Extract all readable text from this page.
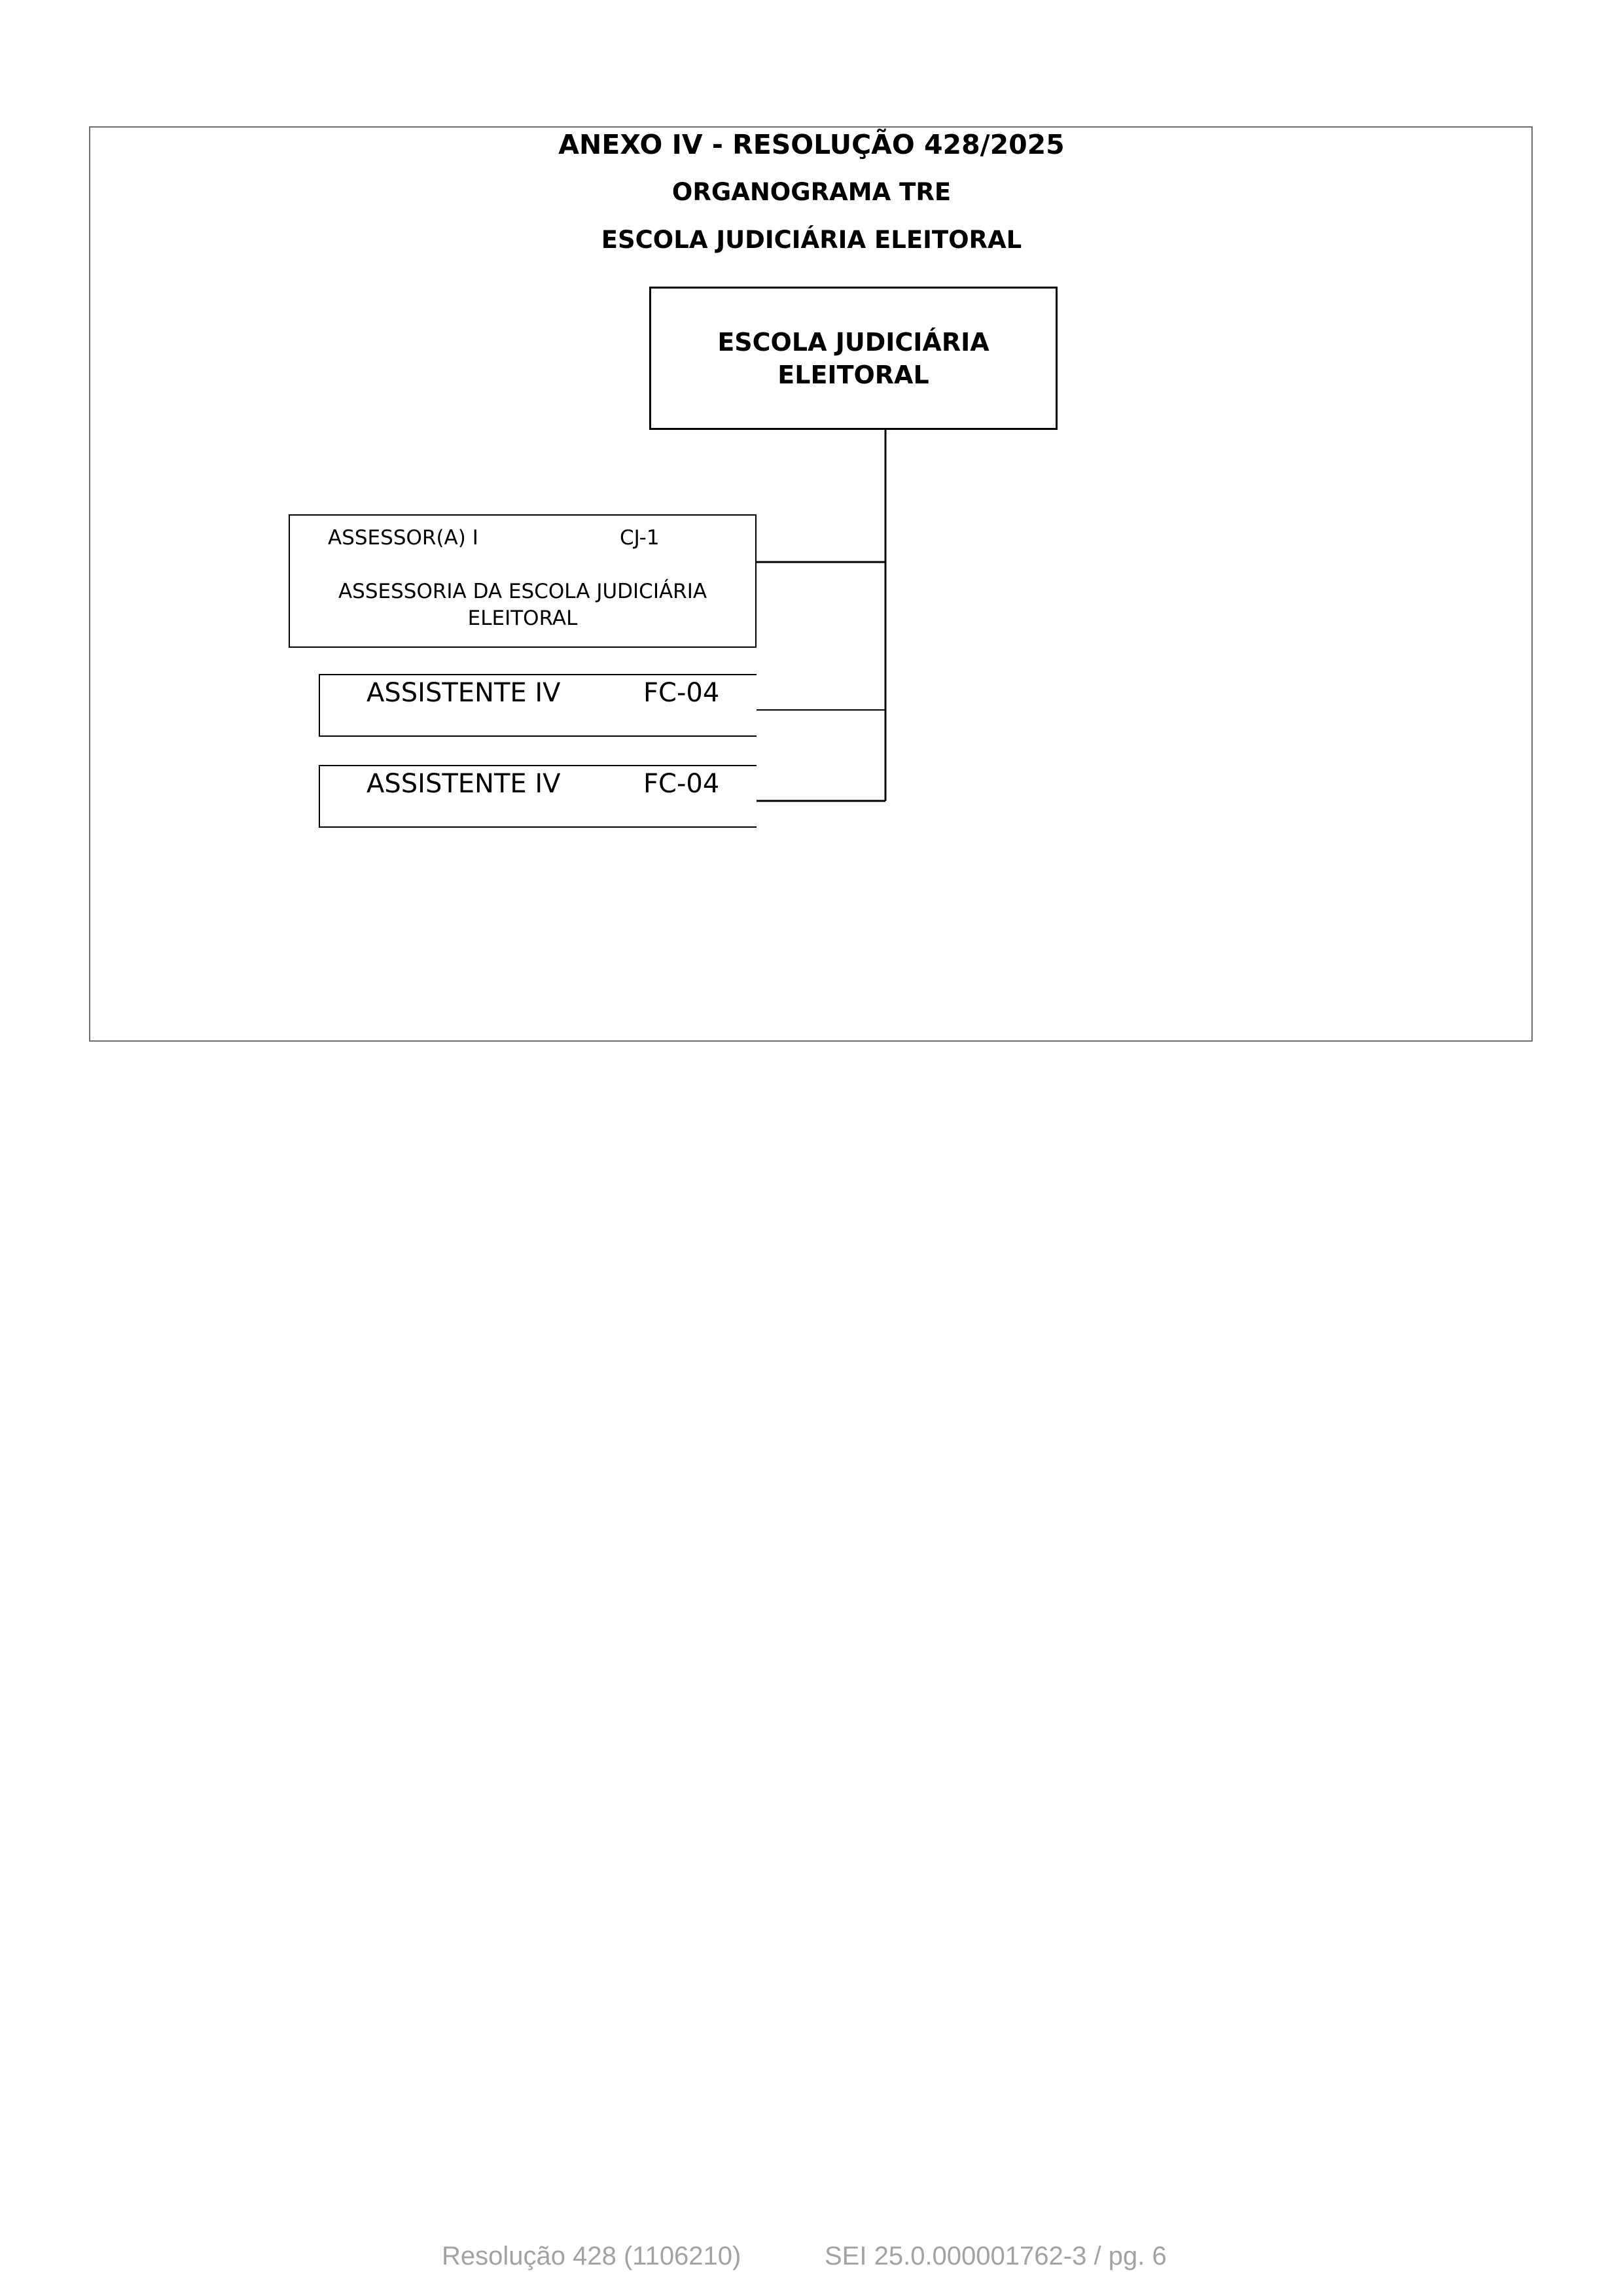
ANEXO IV - RESOLUÇÃO 428/2025
ORGANOGRAMA TRE
ESCOLA JUDICIÁRIA ELEITORAL
ESCOLA JUDICIÁRIA ELEITORAL
ASSESSOR(A) I	CJ-1
ASSESSORIA DA ESCOLA JUDICIÁRIA ELEITORAL
ASSISTENTE IV	FC-04
ASSISTENTE IV	FC-04
Resolução 428 (1106210)	SEI 25.0.000001762-3 / pg. 6
